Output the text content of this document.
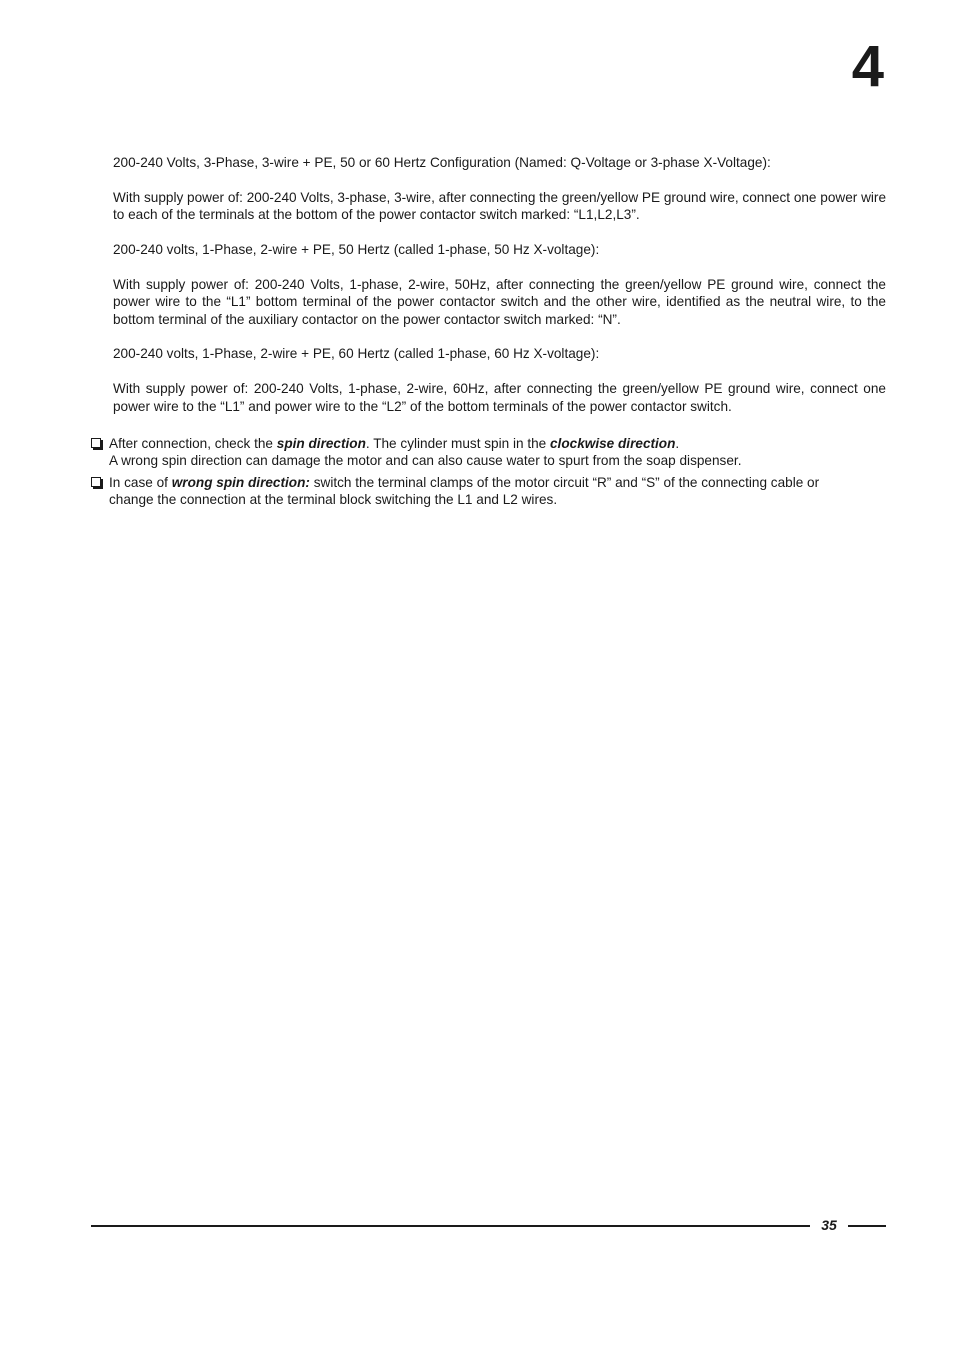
4

200-240 Volts, 3-Phase, 3-wire + PE, 50 or 60 Hertz Configuration (Named: Q-Voltage or 3-phase X-Voltage):

With supply power of: 200-240 Volts, 3-phase, 3-wire, after connecting the green/yellow PE ground wire, connect one power wire to each of the terminals at the bottom of the power contactor switch marked: “L1,L2,L3”.

200-240 volts, 1-Phase, 2-wire + PE, 50 Hertz (called 1-phase, 50 Hz X-voltage):

With supply power of: 200-240 Volts, 1-phase, 2-wire, 50Hz, after connecting the green/yellow PE ground wire, connect the power wire to the “L1” bottom terminal of the power contactor switch and the other wire, identified as the neutral wire, to the bottom terminal of the auxiliary contactor on the power contactor switch marked: “N”.

200-240 volts, 1-Phase, 2-wire + PE, 60 Hertz (called 1-phase, 60 Hz X-voltage):

With supply power of: 200-240 Volts, 1-phase, 2-wire, 60Hz, after connecting the green/yellow PE ground wire, connect one power wire to the “L1” and power wire to the “L2” of the bottom terminals of the power contactor switch.

After connection, check the spin direction. The cylinder must spin in the clockwise direction.
A wrong spin direction can damage the motor and can also cause water to spurt from the soap dispenser.
In case of wrong spin direction: switch the terminal clamps of the motor circuit “R” and “S” of the connecting cable or
change the connection at the terminal block switching the L1 and L2 wires.
35
